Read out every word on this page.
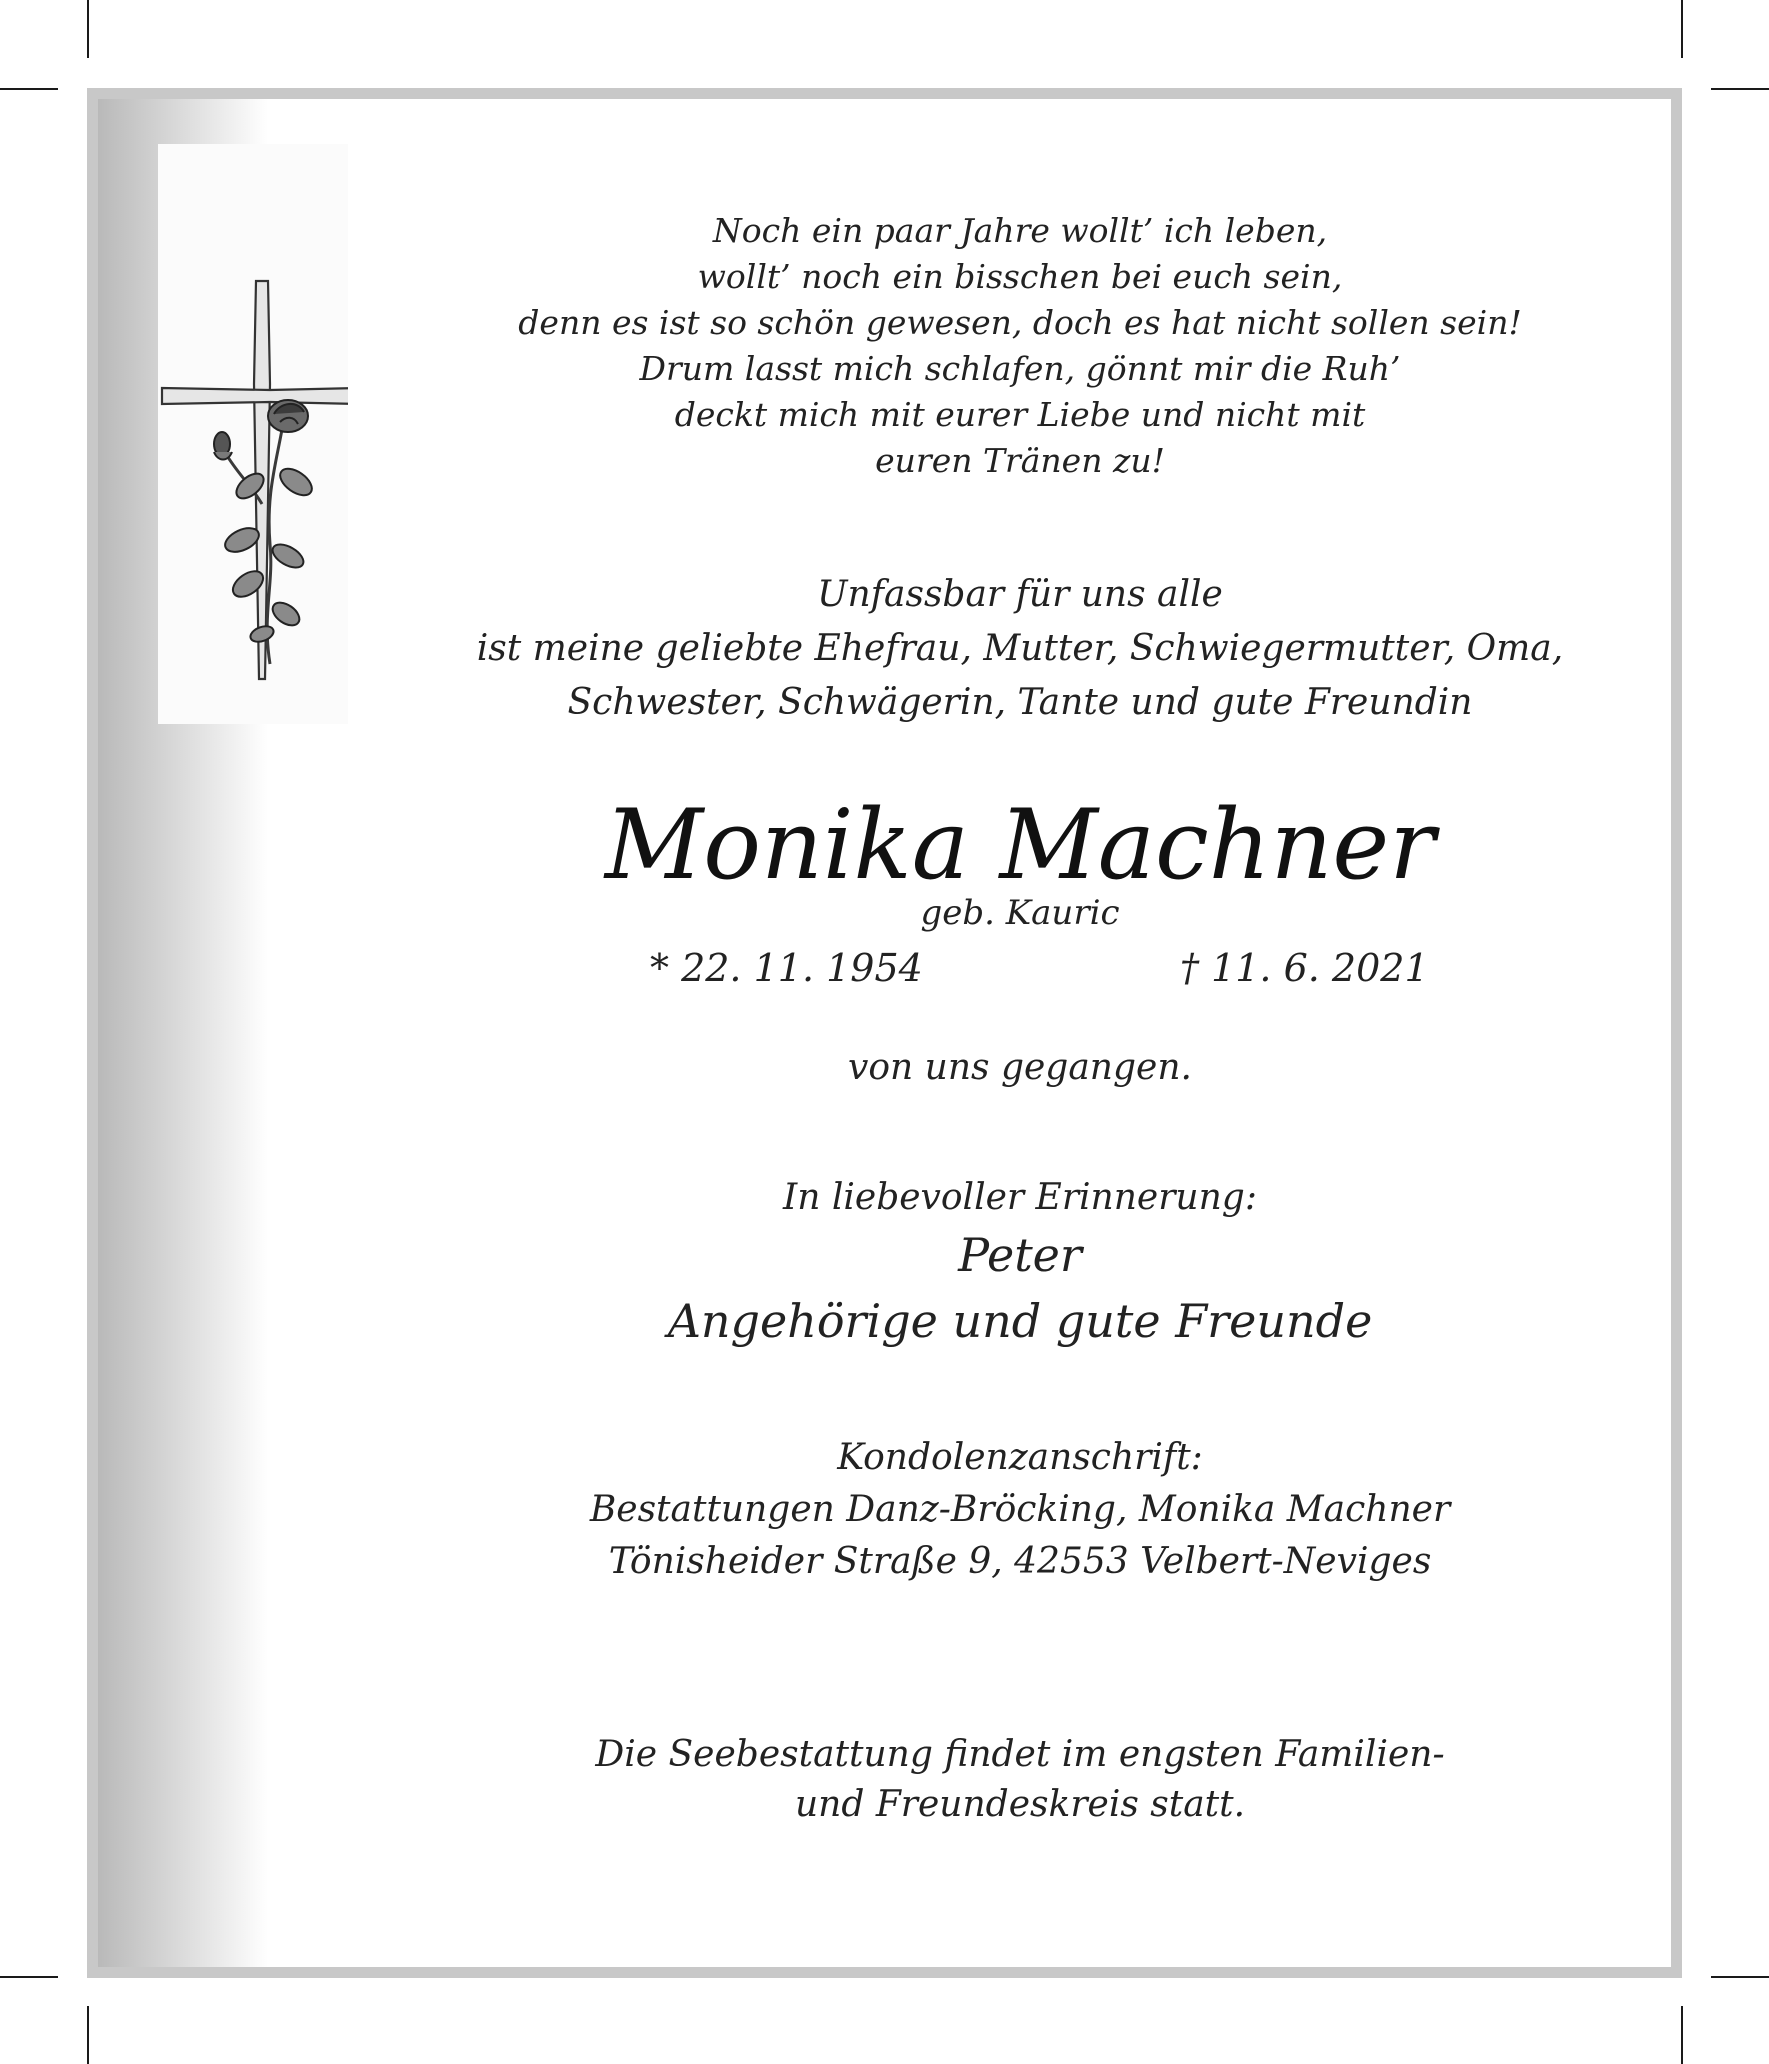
Noch ein paar Jahre wollt’ ich leben,
wollt’ noch ein bisschen bei euch sein,
denn es ist so schön gewesen, doch es hat nicht sollen sein!
Drum lasst mich schlafen, gönnt mir die Ruh’
deckt mich mit eurer Liebe und nicht mit
euren Tränen zu!
Unfassbar für uns alle
ist meine geliebte Ehefrau, Mutter, Schwiegermutter, Oma,
Schwester, Schwägerin, Tante und gute Freundin
Monika Machner
geb. Kauric
* 22. 11. 1954	† 11. 6. 2021
von uns gegangen.
In liebevoller Erinnerung:
Peter
Angehörige und gute Freunde
Kondolenzanschrift:
Bestattungen Danz-Bröcking, Monika Machner
Tönisheider Straße 9, 42553 Velbert-Neviges
Die Seebestattung findet im engsten Familien-
und Freundeskreis statt.
